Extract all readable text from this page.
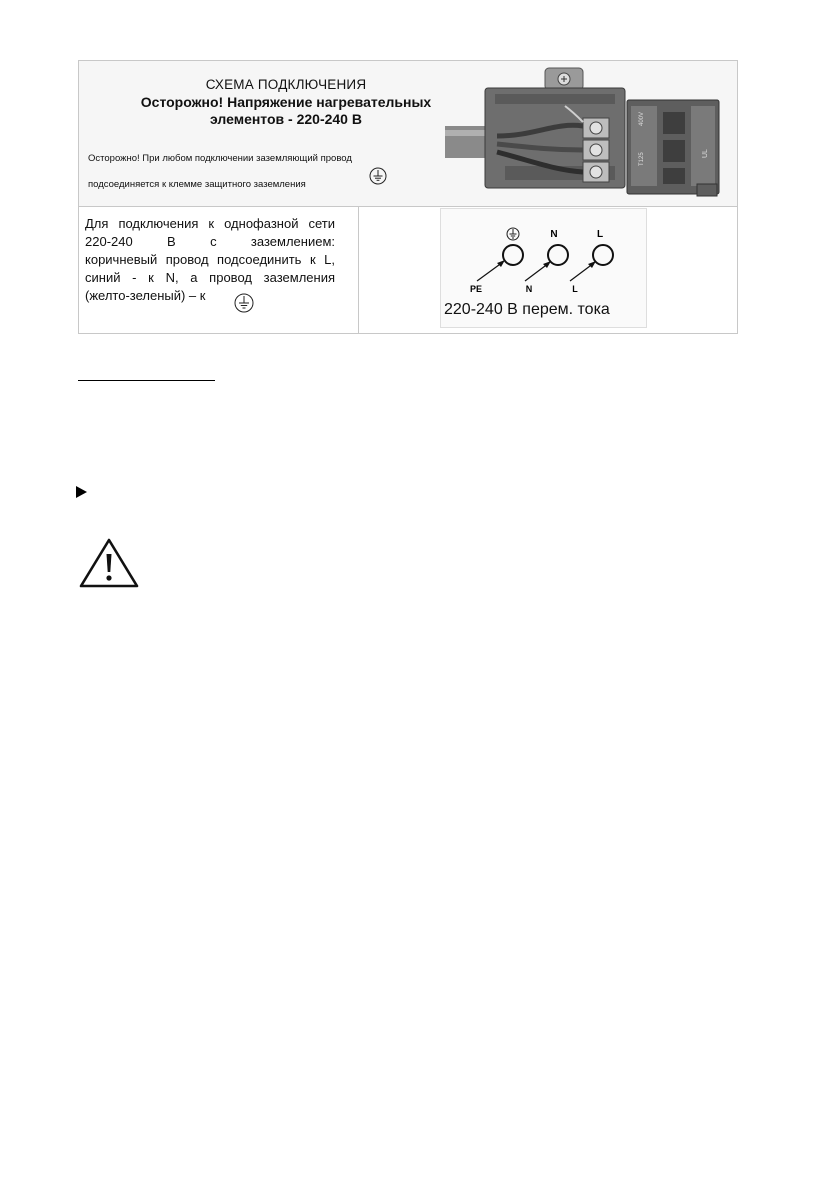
СХЕМА ПОДКЛЮЧЕНИЯ
Осторожно! Напряжение нагревательных
элементов - 220-240 В
Осторожно! При любом подключении заземляющий провод
подсоединяется к клемме защитного заземления
400V
T125	UL
Для подключения к однофазной сети
220-240 В с заземлением:
коричневый провод подсоединить к L,
синий - к N, а провод заземления
(желто-зеленый) – к
N	L
PE	N	L
220-240 В перем. тока
